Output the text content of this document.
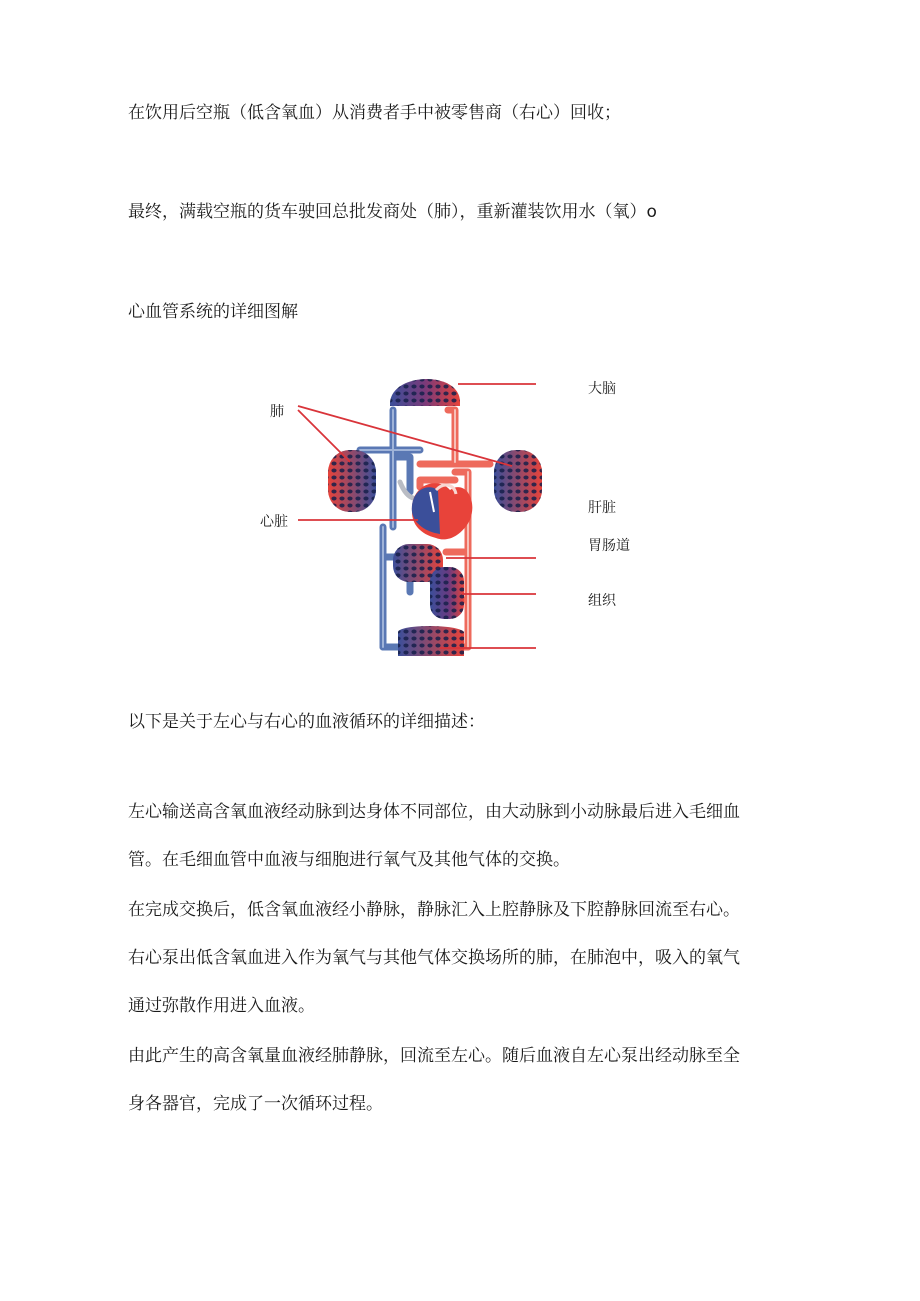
在饮用后空瓶（低含氧血）从消费者手中被零售商（右心）回收；
最终，满载空瓶的货车驶回总批发商处（肺），重新灌装饮用水（氧）o
心血管系统的详细图解
肺
心脏
大脑
肝脏
胃肠道
组织
以下是关于左心与右心的血液循环的详细描述：
左心输送高含氧血液经动脉到达身体不同部位，由大动脉到小动脉最后进入毛细血
管。在毛细血管中血液与细胞进行氧气及其他气体的交换。
在完成交换后，低含氧血液经小静脉，静脉汇入上腔静脉及下腔静脉回流至右心。
右心泵出低含氧血进入作为氧气与其他气体交换场所的肺，在肺泡中，吸入的氧气
通过弥散作用进入血液。
由此产生的高含氧量血液经肺静脉，回流至左心。随后血液自左心泵出经动脉至全
身各器官，完成了一次循环过程。
